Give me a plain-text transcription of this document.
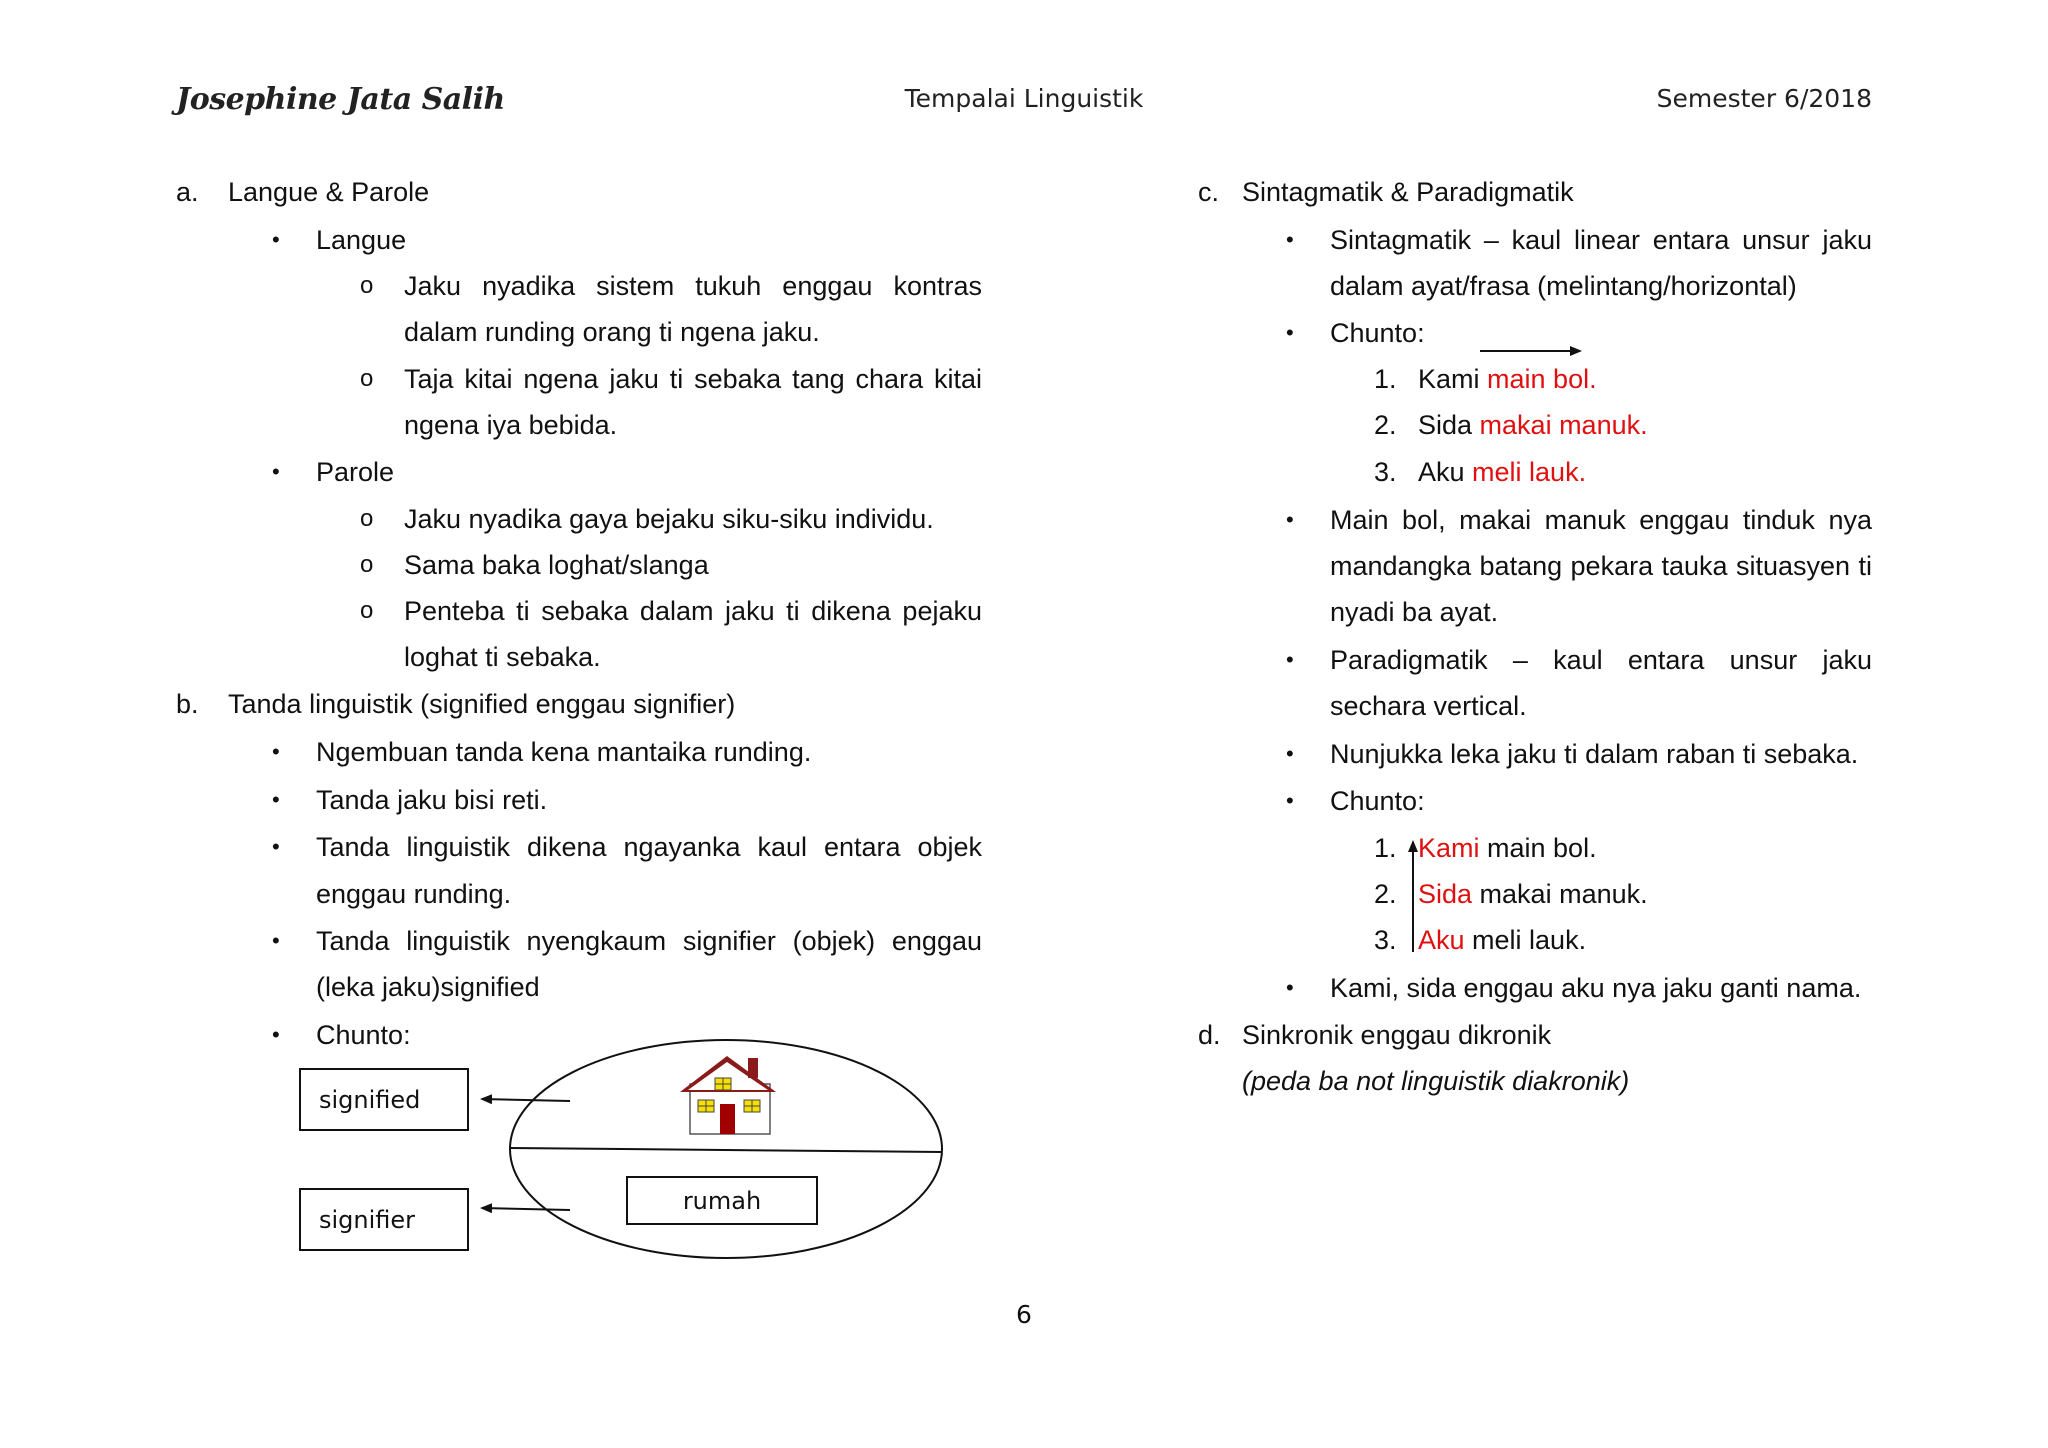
Josephine Jata Salih	Tempalai Linguistik	Semester 6/2018
a. Langue & Parole
• Langue
o Jaku nyadika sistem tukuh enggau kontras
dalam runding orang ti ngena jaku.
o Taja kitai ngena jaku ti sebaka tang chara kitai
ngena iya bebida.
• Parole
o Jaku nyadika gaya bejaku siku-siku individu.
o Sama baka loghat/slanga
o Penteba ti sebaka dalam jaku ti dikena pejaku
loghat ti sebaka.
b. Tanda linguistik (signified enggau signifier)
• Ngembuan tanda kena mantaika runding.
• Tanda jaku bisi reti.
• Tanda linguistik dikena ngayanka kaul entara objek
enggau runding.
• Tanda linguistik nyengkaum signifier (objek) enggau
(leka jaku)signified
• Chunto:
signified
signifier
rumah
c. Sintagmatik & Paradigmatik
• Sintagmatik – kaul linear entara unsur jaku
dalam ayat/frasa (melintang/horizontal)
• Chunto:
1. Kami main bol.
2. Sida makai manuk.
3. Aku meli lauk.
• Main bol, makai manuk enggau tinduk nya
mandangka batang pekara tauka situasyen ti
nyadi ba ayat.
• Paradigmatik – kaul entara unsur jaku
sechara vertical.
• Nunjukka leka jaku ti dalam raban ti sebaka.
• Chunto:
1. Kami main bol.
2. Sida makai manuk.
3. Aku meli lauk.
• Kami, sida enggau aku nya jaku ganti nama.
d. Sinkronik enggau dikronik
(peda ba not linguistik diakronik)
6
